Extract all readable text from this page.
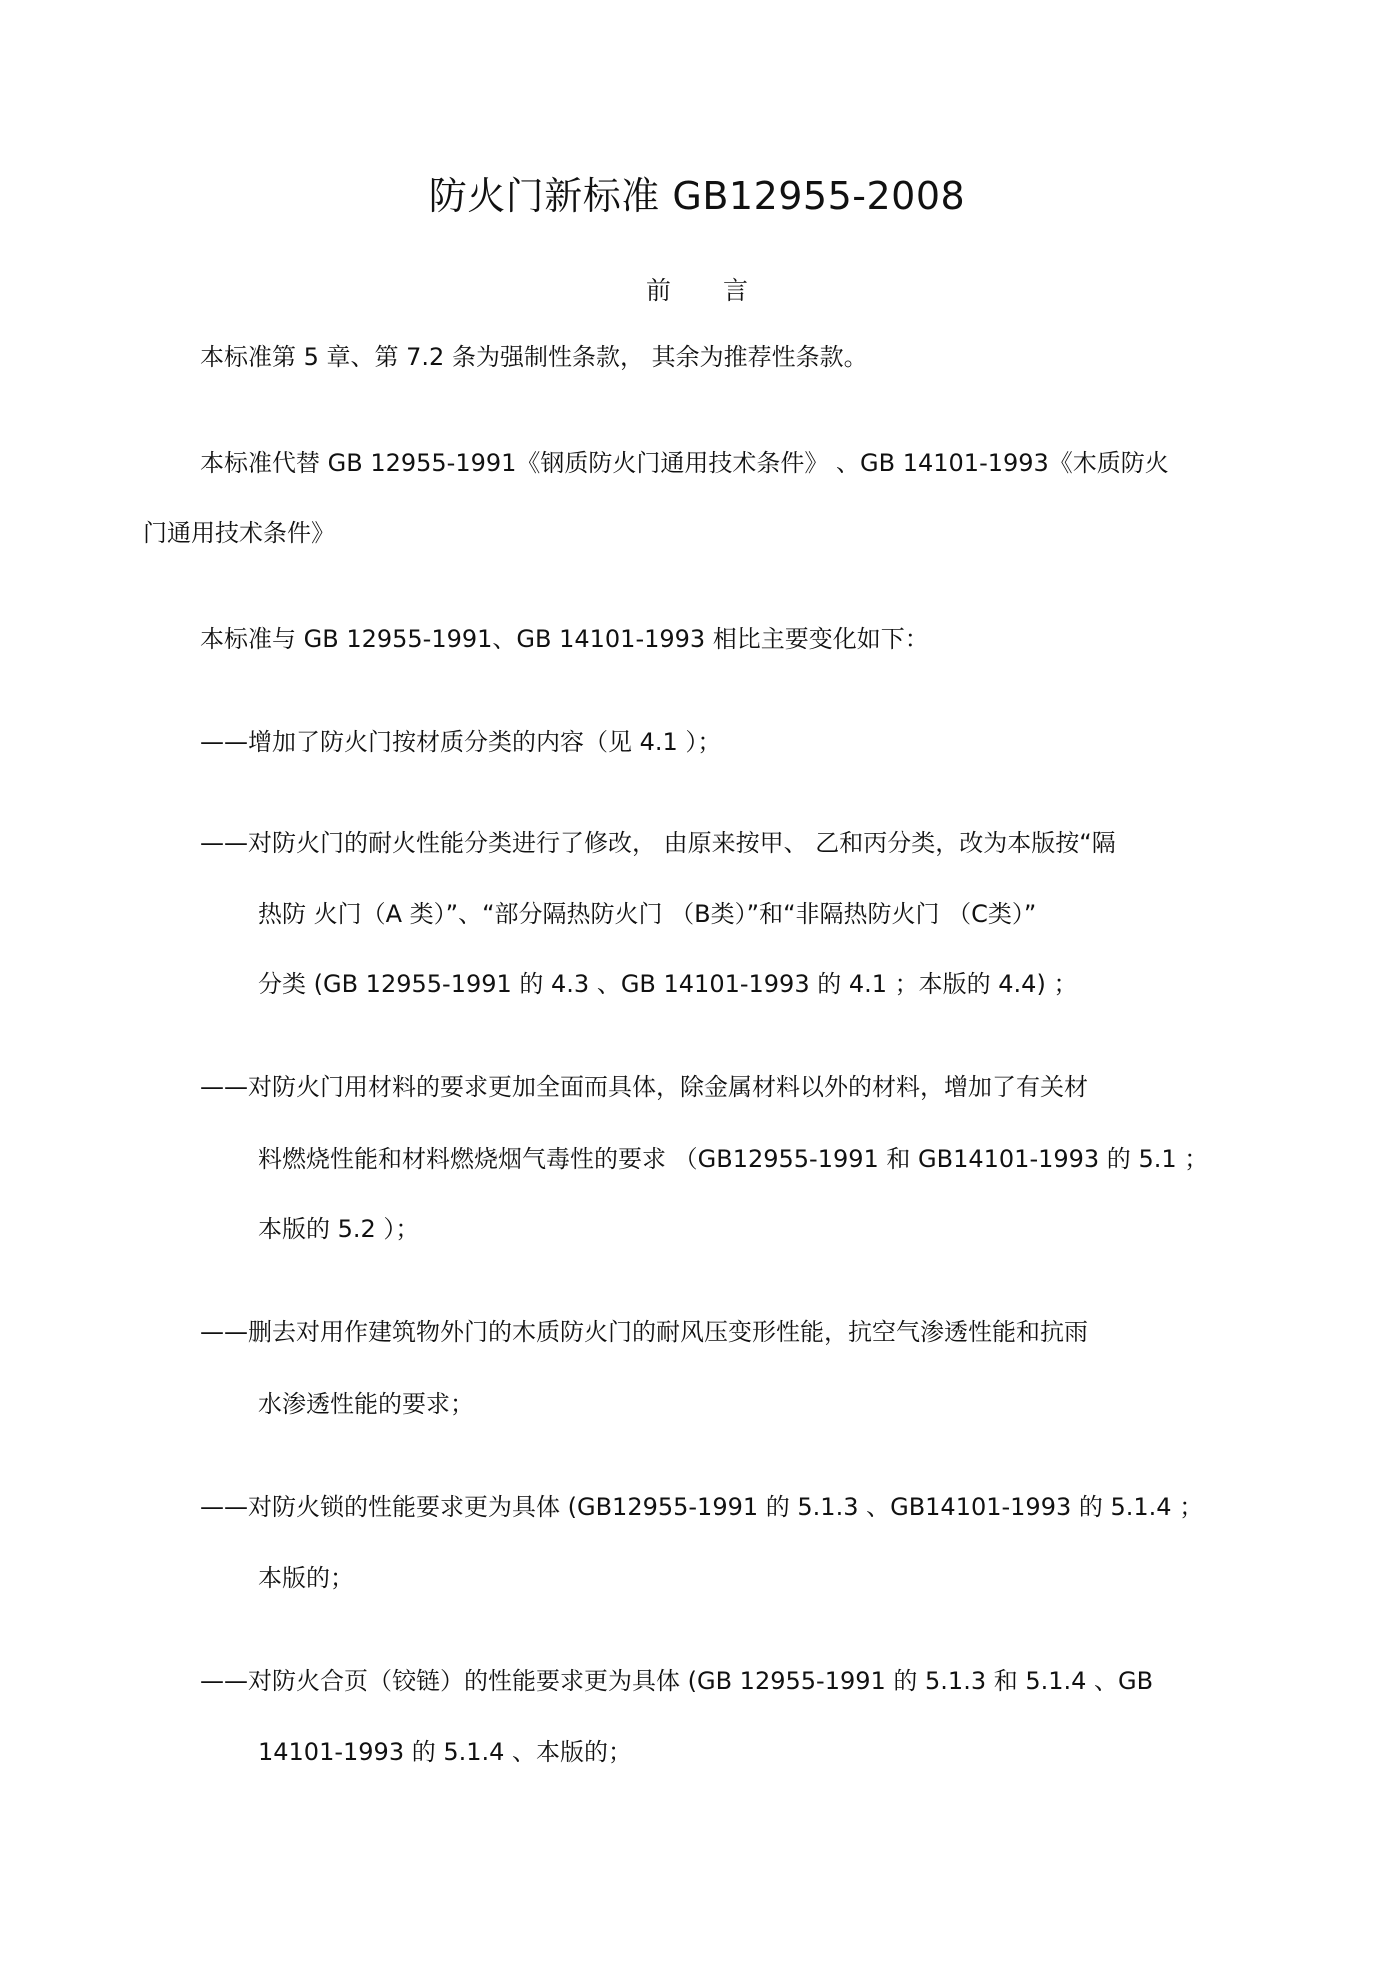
防火门新标准 GB12955-2008
前言
本标准第 5 章、第 7.2 条为强制性条款， 其余为推荐性条款。
本标准代替 GB 12955-1991《钢质防火门通用技术条件》 、GB 14101-1993《木质防火
门通用技术条件》
本标准与 GB 12955-1991、GB 14101-1993 相比主要变化如下：
——增加了防火门按材质分类的内容（见 4.1 ）；
——对防火门的耐火性能分类进行了修改， 由原来按甲、 乙和丙分类，改为本版按“隔
热防 火门（A 类）”、“部分隔热防火门 （B类）”和“非隔热防火门 （C类）”
分类 (GB 12955-1991 的 4.3 、GB 14101-1993 的 4.1 ；本版的 4.4) ；
——对防火门用材料的要求更加全面而具体，除金属材料以外的材料，增加了有关材
料燃烧性能和材料燃烧烟气毒性的要求 （GB12955-1991 和 GB14101-1993 的 5.1 ；
本版的 5.2 ）；
——删去对用作建筑物外门的木质防火门的耐风压变形性能，抗空气渗透性能和抗雨
水渗透性能的要求；
——对防火锁的性能要求更为具体 (GB12955-1991 的 5.1.3 、GB14101-1993 的 5.1.4 ；
本版的；
——对防火合页（铰链）的性能要求更为具体 (GB 12955-1991 的 5.1.3 和 5.1.4 、GB
14101-1993 的 5.1.4 、本版的；
